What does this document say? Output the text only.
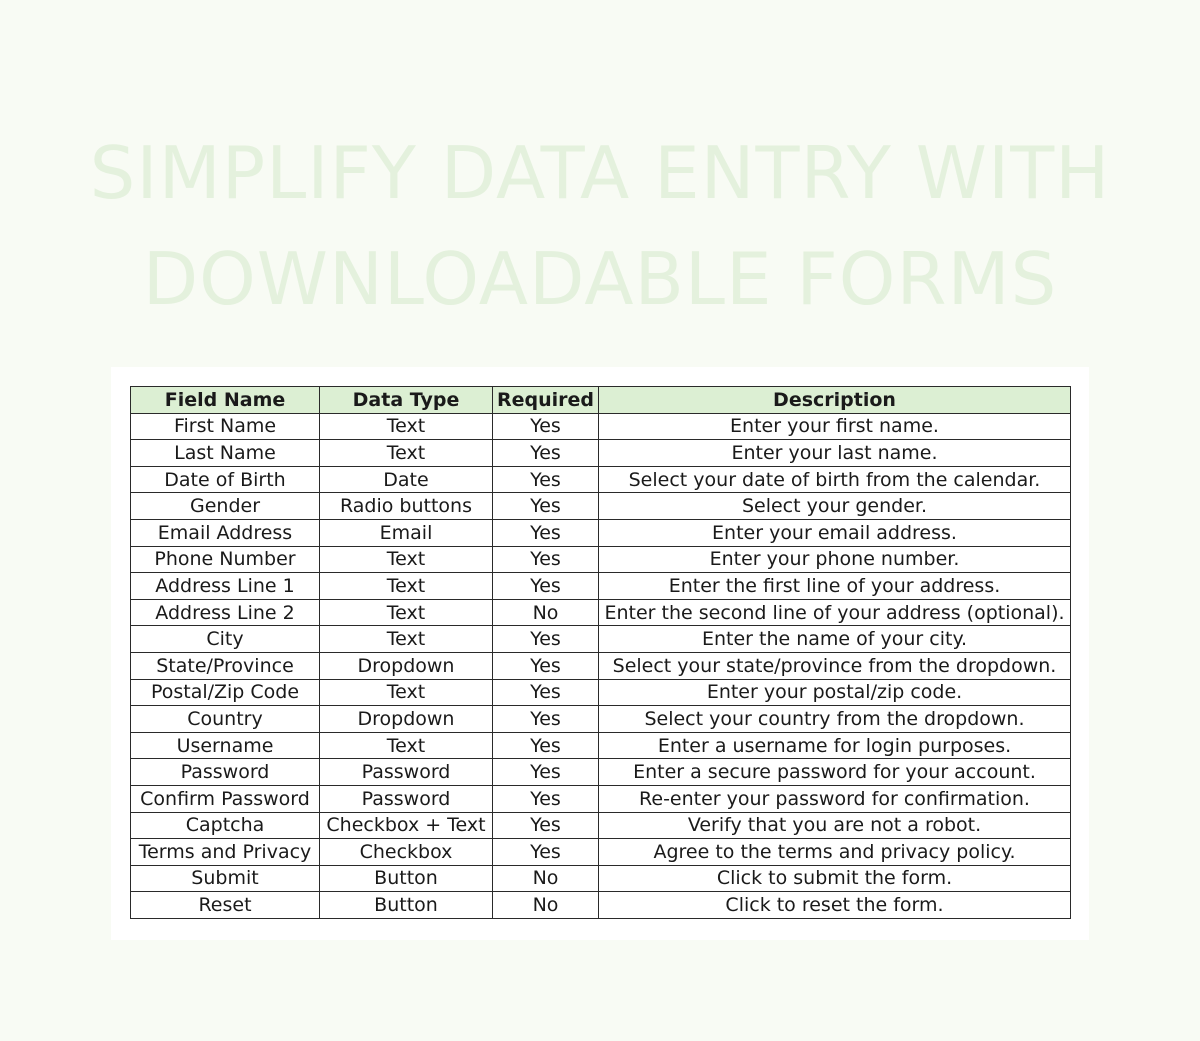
SIMPLIFY DATA ENTRY WITH
DOWNLOADABLE FORMS
Field Name	Data Type	Required	Description
First Name	Text	Yes	Enter your first name.
Last Name	Text	Yes	Enter your last name.
Date of Birth	Date	Yes	Select your date of birth from the calendar.
Gender	Radio buttons	Yes	Select your gender.
Email Address	Email	Yes	Enter your email address.
Phone Number	Text	Yes	Enter your phone number.
Address Line 1	Text	Yes	Enter the first line of your address.
Address Line 2	Text	No	Enter the second line of your address (optional).
City	Text	Yes	Enter the name of your city.
State/Province	Dropdown	Yes	Select your state/province from the dropdown.
Postal/Zip Code	Text	Yes	Enter your postal/zip code.
Country	Dropdown	Yes	Select your country from the dropdown.
Username	Text	Yes	Enter a username for login purposes.
Password	Password	Yes	Enter a secure password for your account.
Confirm Password	Password	Yes	Re-enter your password for confirmation.
Captcha	Checkbox + Text	Yes	Verify that you are not a robot.
Terms and Privacy	Checkbox	Yes	Agree to the terms and privacy policy.
Submit	Button	No	Click to submit the form.
Reset	Button	No	Click to reset the form.
